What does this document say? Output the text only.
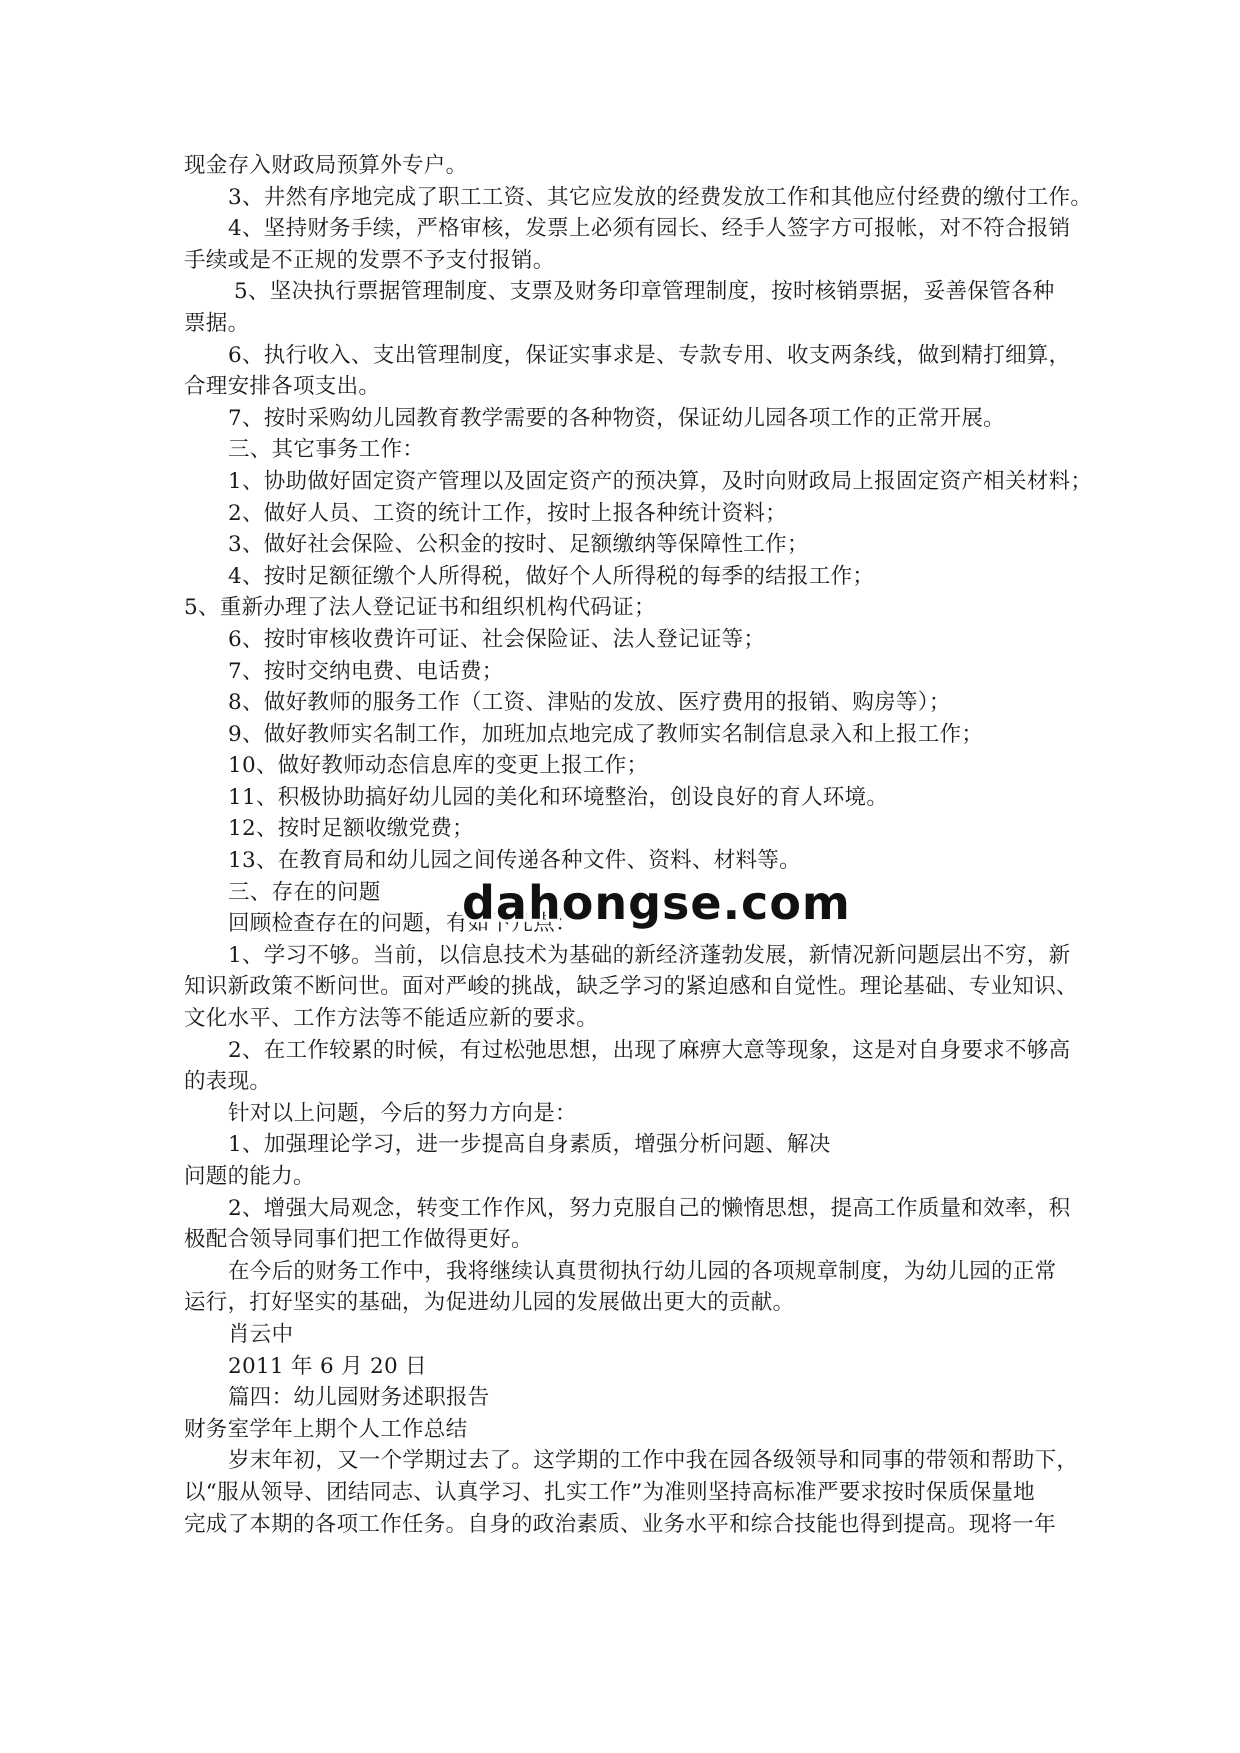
现金存入财政局预算外专户。
3、井然有序地完成了职工工资、其它应发放的经费发放工作和其他应付经费的缴付工作。
4、坚持财务手续，严格审核，发票上必须有园长、经手人签字方可报帐，对不符合报销
手续或是不正规的发票不予支付报销。
5、坚决执行票据管理制度、支票及财务印章管理制度，按时核销票据，妥善保管各种
票据。
6、执行收入、支出管理制度，保证实事求是、专款专用、收支两条线，做到精打细算，
合理安排各项支出。
7、按时采购幼儿园教育教学需要的各种物资，保证幼儿园各项工作的正常开展。
三、其它事务工作：
1、协助做好固定资产管理以及固定资产的预决算，及时向财政局上报固定资产相关材料；
2、做好人员、工资的统计工作，按时上报各种统计资料；
3、做好社会保险、公积金的按时、足额缴纳等保障性工作；
4、按时足额征缴个人所得税，做好个人所得税的每季的结报工作；
5、重新办理了法人登记证书和组织机构代码证；
6、按时审核收费许可证、社会保险证、法人登记证等；
7、按时交纳电费、电话费；
8、做好教师的服务工作（工资、津贴的发放、医疗费用的报销、购房等）；
9、做好教师实名制工作，加班加点地完成了教师实名制信息录入和上报工作；
10、做好教师动态信息库的变更上报工作；
11、积极协助搞好幼儿园的美化和环境整治，创设良好的育人环境。
12、按时足额收缴党费；
13、在教育局和幼儿园之间传递各种文件、资料、材料等。
三、存在的问题
回顾检查存在的问题，有如下几点：
1、学习不够。当前，以信息技术为基础的新经济蓬勃发展，新情况新问题层出不穷，新
知识新政策不断问世。面对严峻的挑战，缺乏学习的紧迫感和自觉性。理论基础、专业知识、
文化水平、工作方法等不能适应新的要求。
2、在工作较累的时候，有过松弛思想，出现了麻痹大意等现象，这是对自身要求不够高
的表现。
针对以上问题，今后的努力方向是：
1、加强理论学习，进一步提高自身素质，增强分析问题、解决
问题的能力。
2、增强大局观念，转变工作作风，努力克服自己的懒惰思想，提高工作质量和效率，积
极配合领导同事们把工作做得更好。
在今后的财务工作中，我将继续认真贯彻执行幼儿园的各项规章制度，为幼儿园的正常
运行，打好坚实的基础，为促进幼儿园的发展做出更大的贡献。
肖云中
2011 年 6 月 20 日
篇四：幼儿园财务述职报告
财务室学年上期个人工作总结
岁末年初，又一个学期过去了。这学期的工作中我在园各级领导和同事的带领和帮助下，
以“服从领导、团结同志、认真学习、扎实工作”为准则坚持高标准严要求按时保质保量地
完成了本期的各项工作任务。自身的政治素质、业务水平和综合技能也得到提高。现将一年
dahongse.com
